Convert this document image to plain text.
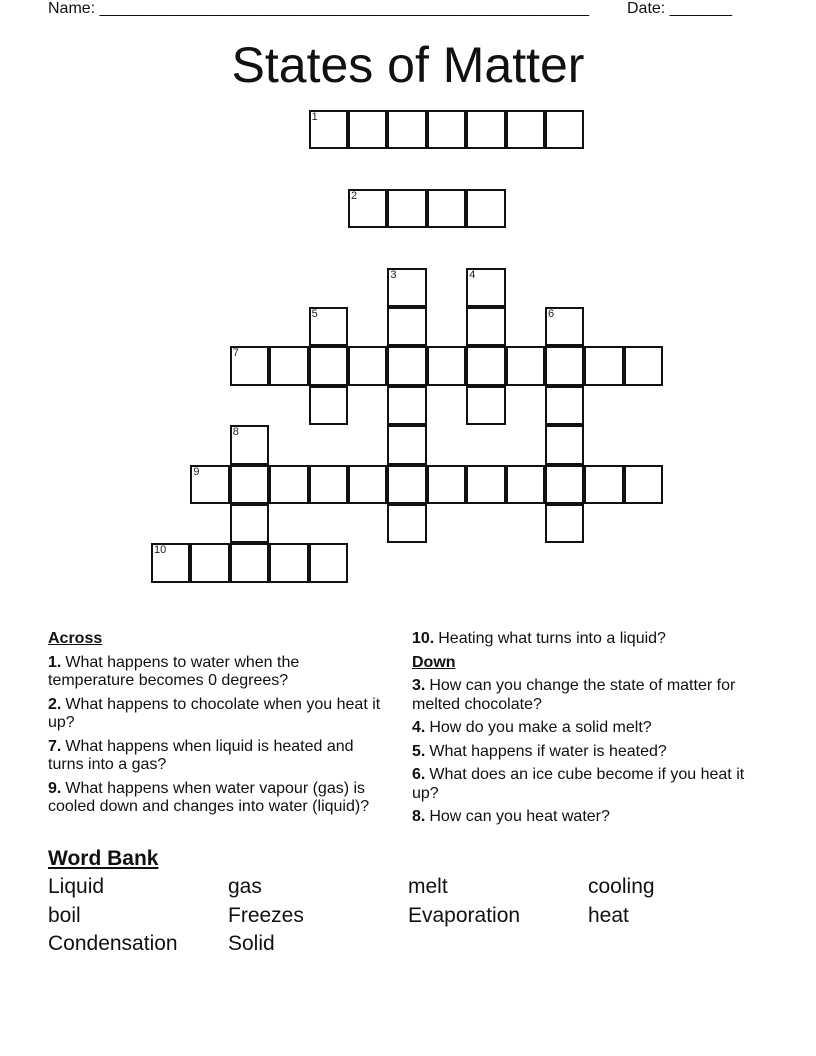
Name: _______________________________________________________ Date: _______
States of Matter
1
2
7
9
10
3	4
5	6
8
Across
1. What happens to water when the temperature becomes 0 degrees?
2. What happens to chocolate when you heat it up?
7. What happens when liquid is heated and turns into a gas?
9. What happens when water vapour (gas) is cooled down and changes into water (liquid)?
10. Heating what turns into a liquid?
Down
3. How can you change the state of matter for melted chocolate?
4. How do you make a solid melt?
5. What happens if water is heated?
6. What does an ice cube become if you heat it up?
8. How can you heat water?
Word Bank
Liquid	gas	melt	cooling
boil	Freezes	Evaporation	heat
Condensation	Solid
